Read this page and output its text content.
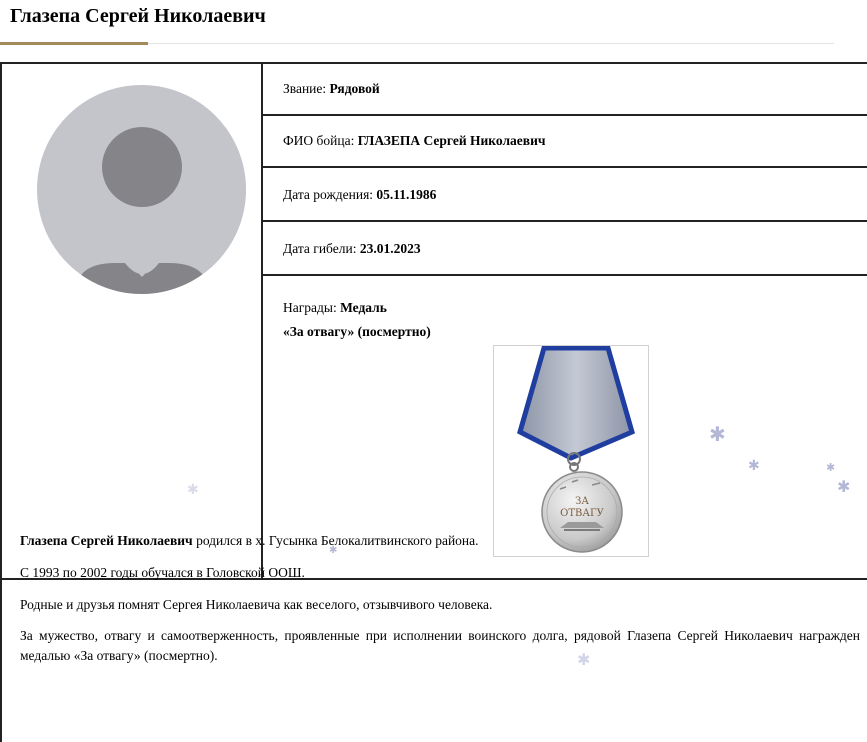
Глазепа Сергей Николаевич
Звание:
Рядовой
ФИО бойца:
ГЛАЗЕПА Сергей Николаевич
Дата рождения:
05.11.1986
Дата гибели:
23.01.2023
Награды: Медаль
«За отвагу» (посмертно)
ЗА
ОТВАГУ

Глазепа Сергей Николаевич родился в х. Гусынка Белокалитвинского района.

С 1993 по 2002 годы обучался в Головской ООШ.

Родные и друзья помнят Сергея Николаевича как веселого, отзывчивого человека.

За мужество, отвагу и самоотверженность, проявленные при исполнении воинского долга, рядовой Глазепа Сергей Николаевич награжден медалью «За отвагу» (посмертно).

✱
✱	✱
✱
✱
✱
✱
